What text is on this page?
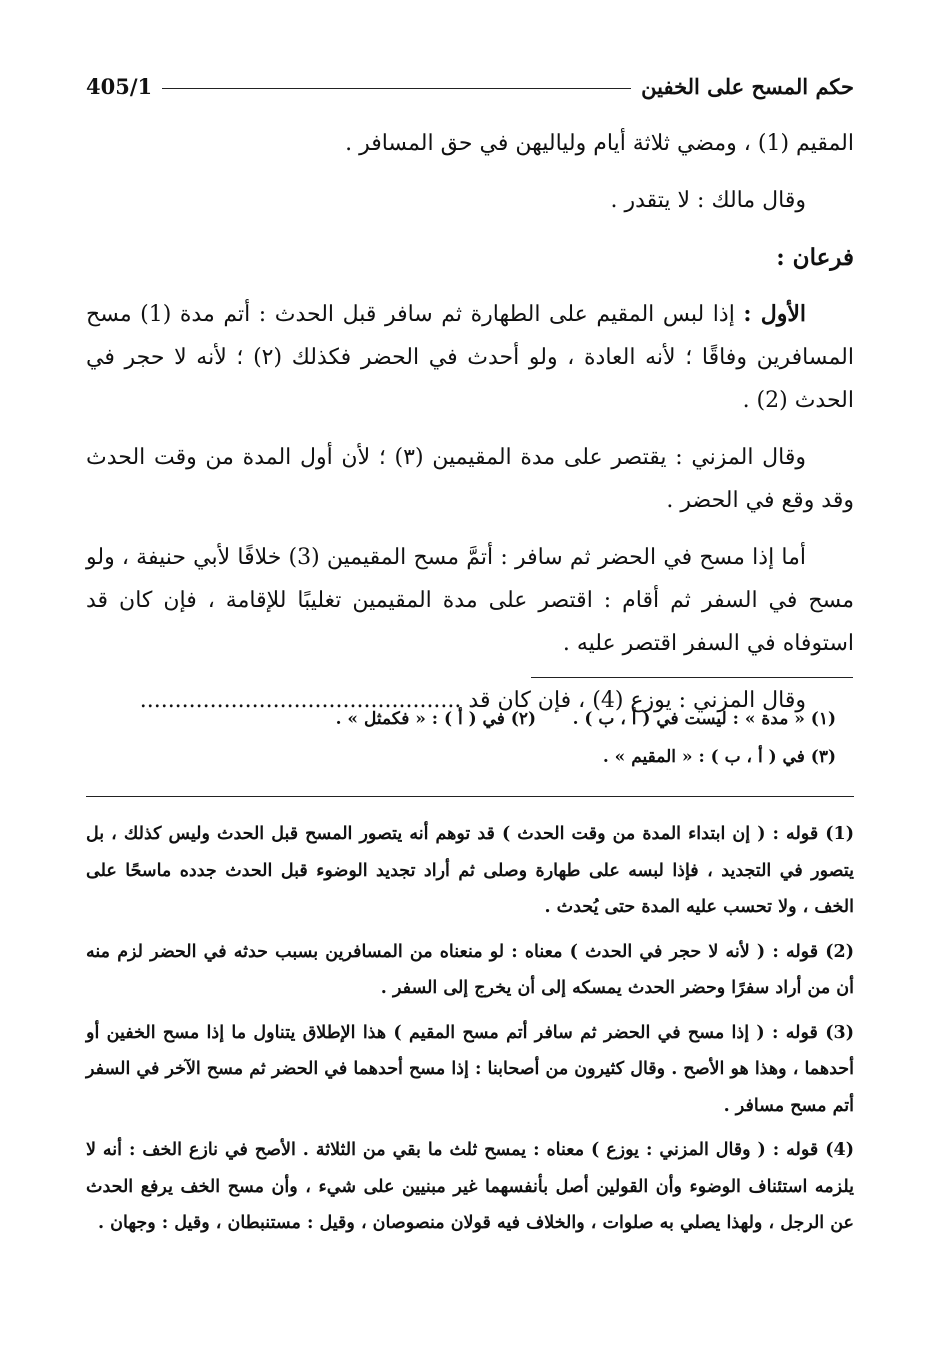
حكم المسح على الخفين
405/1

المقيم (1) ، ومضي ثلاثة أيام ولياليهن في حق المسافر .

وقال مالك : لا يتقدر .

فرعان :

الأول : إذا لبس المقيم على الطهارة ثم سافر قبل الحدث : أتم مدة (1) مسح المسافرين وفاقًا ؛ لأنه العادة ، ولو أحدث في الحضر فكذلك (٢) ؛ لأنه لا حجر في الحدث (2) .

وقال المزني : يقتصر على مدة المقيمين (٣) ؛ لأن أول المدة من وقت الحدث وقد وقع في الحضر .

أما إذا مسح في الحضر ثم سافر : أتمَّ مسح المقيمين (3) خلافًا لأبي حنيفة ، ولو مسح في السفر ثم أقام : اقتصر على مدة المقيمين تغليبًا للإقامة ، فإن كان قد استوفاه في السفر اقتصر عليه .

وقال المزني : يوزع (4) ، فإن كان قد ..............................................

(١) « مدة » : ليست في ( أ ، ب ) .
(٢) في ( أ ) : « فكمثل » .
(٣) في ( أ ، ب ) : « المقيم » .

(1) قوله : ( إن ابتداء المدة من وقت الحدث ) قد توهم أنه يتصور المسح قبل الحدث وليس كذلك ، بل يتصور في التجديد ، فإذا لبسه على طهارة وصلى ثم أراد تجديد الوضوء قبل الحدث جدده ماسحًا على الخف ، ولا تحسب عليه المدة حتى يُحدث .

(2) قوله : ( لأنه لا حجر في الحدث ) معناه : لو منعناه من المسافرين بسبب حدثه في الحضر لزم منه أن من أراد سفرًا وحضر الحدث يمسكه إلى أن يخرج إلى السفر .

(3) قوله : ( إذا مسح في الحضر ثم سافر أتم مسح المقيم ) هذا الإطلاق يتناول ما إذا مسح الخفين أو أحدهما ، وهذا هو الأصح . وقال كثيرون من أصحابنا : إذا مسح أحدهما في الحضر ثم مسح الآخر في السفر أتم مسح مسافر .

(4) قوله : ( وقال المزني : يوزع ) معناه : يمسح ثلث ما بقي من الثلاثة . الأصح في نازع الخف : أنه لا يلزمه استئناف الوضوء وأن القولين أصل بأنفسهما غير مبنيين على شيء ، وأن مسح الخف يرفع الحدث عن الرجل ، ولهذا يصلي به صلوات ، والخلاف فيه قولان منصوصان ، وقيل : مستنبطان ، وقيل : وجهان .
